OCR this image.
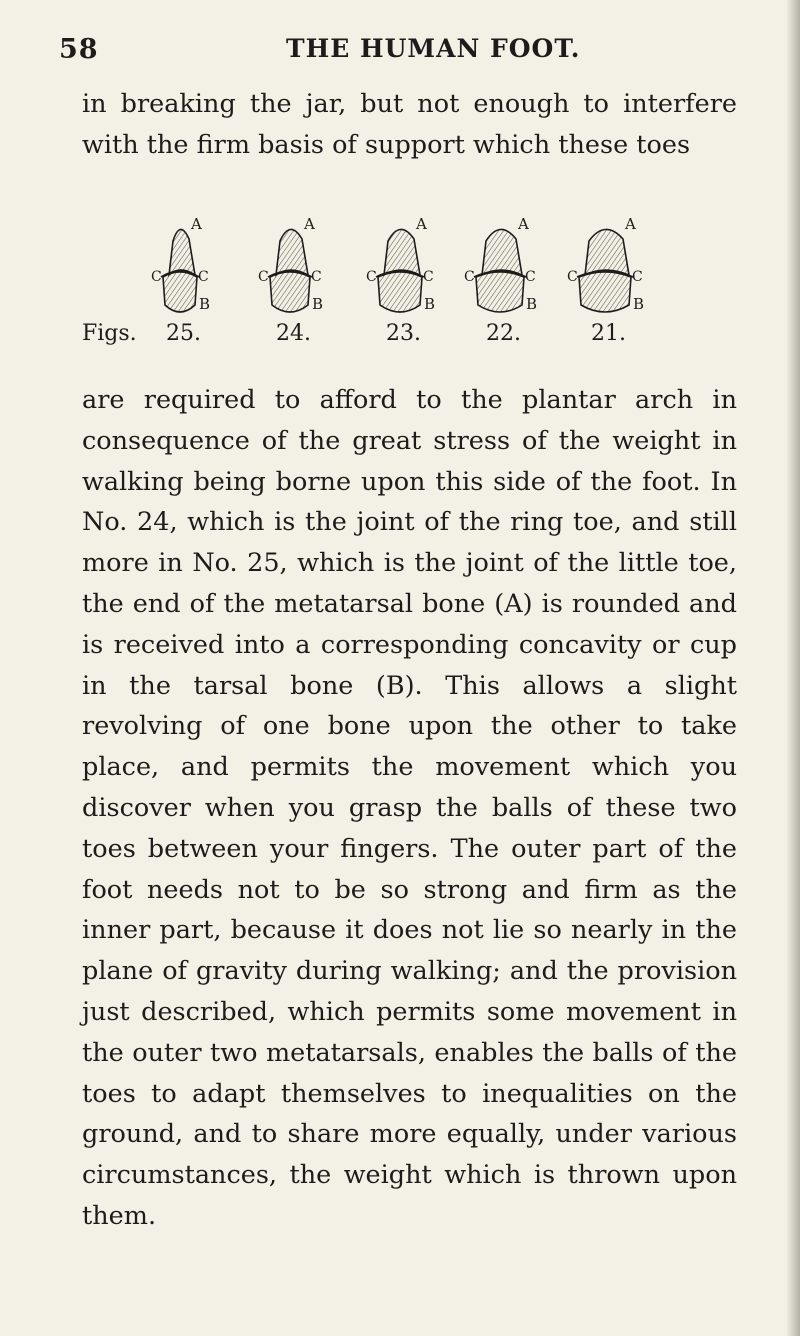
58	THE HUMAN FOOT.

in breaking the jar, but not enough to interfere with the firm basis of support which these toes

A
B
C	C
A
B
C	C
A
B
C	C
A
B
C	C
A
B
C	C
Figs. 25.	24.	23.	22.	21.

are required to afford to the plantar arch in consequence of the great stress of the weight in walking being borne upon this side of the foot. In No. 24, which is the joint of the ring toe, and still more in No. 25, which is the joint of the little toe, the end of the metatarsal bone (A) is rounded and is received into a corresponding concavity or cup in the tarsal bone (B). This allows a slight revolving of one bone upon the other to take place, and permits the movement which you discover when you grasp the balls of these two toes between your fingers. The outer part of the foot needs not to be so strong and firm as the inner part, because it does not lie so nearly in the plane of gravity during walking; and the provision just described, which permits some movement in the outer two metatarsals, enables the balls of the toes to adapt themselves to inequalities on the ground, and to share more equally, under various circumstances, the weight which is thrown upon them.
